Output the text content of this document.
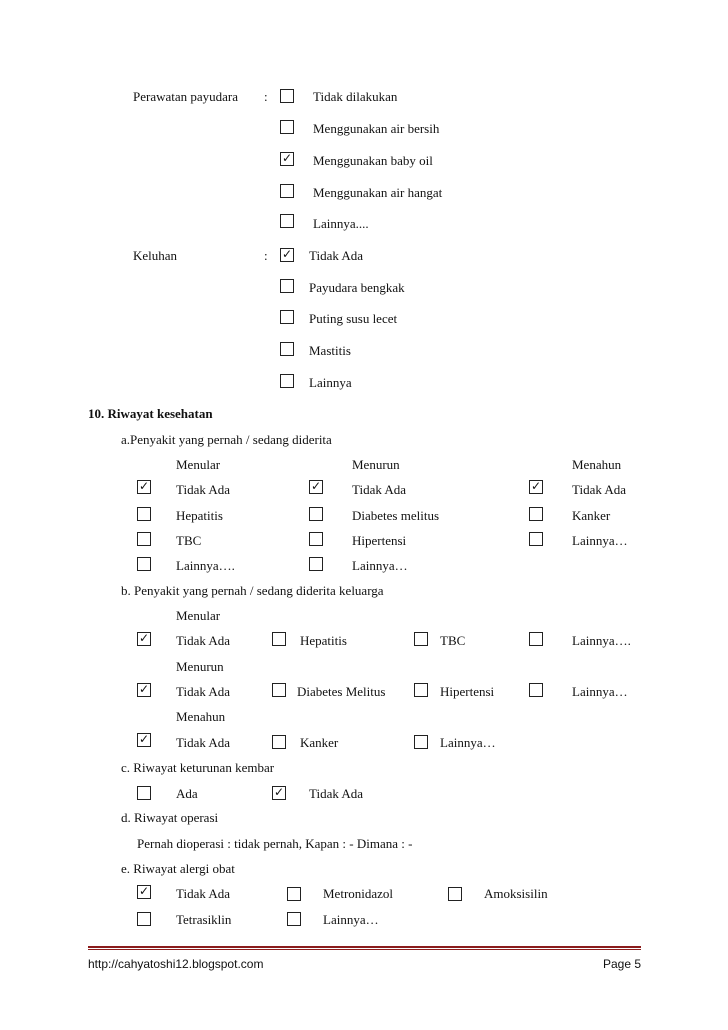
Perawatan payudara :	Tidak dilakukan
Menggunakan air bersih
✓ Menggunakan baby oil
Menggunakan air hangat
Lainnya....
Keluhan	: ✓ Tidak Ada
Payudara bengkak
Puting susu lecet
Mastitis
Lainnya
10. Riwayat kesehatan
a.Penyakit yang pernah / sedang diderita
Menular	Menurun	Menahun
✓ Tidak Ada	✓ Tidak Ada	✓ Tidak Ada
Hepatitis	Diabetes melitus	Kanker
TBC	Hipertensi	Lainnya…
Lainnya….	Lainnya…
b. Penyakit yang pernah / sedang diderita keluarga
Menular
✓ Tidak Ada	Hepatitis	TBC	Lainnya….
Menurun
✓ Tidak Ada	Diabetes Melitus	Hipertensi	Lainnya…
Menahun
✓ Tidak Ada	Kanker	Lainnya…
c. Riwayat keturunan kembar
Ada	✓ Tidak Ada
d. Riwayat operasi
Pernah dioperasi : tidak pernah, Kapan : - Dimana : -
e. Riwayat alergi obat
✓ Tidak Ada	Metronidazol	Amoksisilin
Tetrasiklin	Lainnya…
http://cahyatoshi12.blogspot.com	Page 5
